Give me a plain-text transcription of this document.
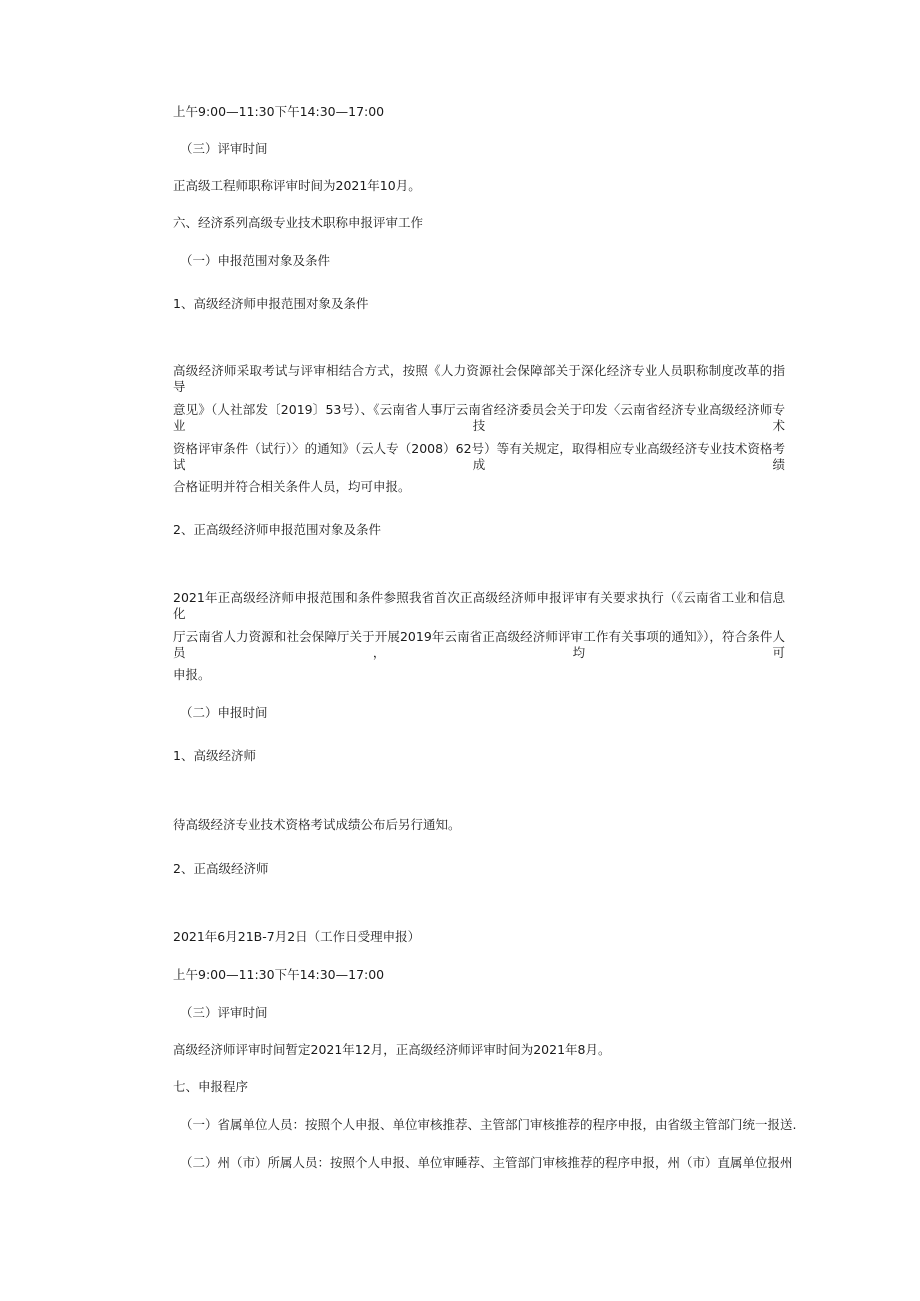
上午9:00—11:30下午14:30—17:00

（三）评审时间

正高级工程师职称评审时间为2021年10月。

六、经济系列高级专业技术职称申报评审工作

（一）申报范围对象及条件

1、高级经济师申报范围对象及条件

高级经济师采取考试与评审相结合方式，按照《人力资源社会保障部关于深化经济专业人员职称制度改革的指导
意见》（人社部发〔2019〕53号）、《云南省人事厅云南省经济委员会关于印发〈云南省经济专业高级经济师专业技术
资格评审条件（试行）〉的通知》（云人专（2008）62号）等有关规定，取得相应专业高级经济专业技术资格考试成绩
合格证明并符合相关条件人员，均可申报。

2、正高级经济师申报范围对象及条件

2021年正高级经济师申报范围和条件参照我省首次正高级经济师申报评审有关要求执行（《云南省工业和信息化
厅云南省人力资源和社会保障厅关于开展2019年云南省正高级经济师评审工作有关事项的通知》），符合条件人员，均可
申报。

（二）申报时间

1、高级经济师

待高级经济专业技术资格考试成绩公布后另行通知。

2、正高级经济师

2021年6月21B-7月2日（工作日受理申报）

上午9:00—11:30下午14:30—17:00

（三）评审时间

高级经济师评审时间暂定2021年12月，正高级经济师评审时间为2021年8月。

七、申报程序

（一）省属单位人员：按照个人申报、单位审核推荐、主管部门审核推荐的程序申报，由省级主管部门统一报送.

（二）州（市）所属人员：按照个人申报、单位审睡荐、主管部门审核推荐的程序申报，州（市）直属单位报州
